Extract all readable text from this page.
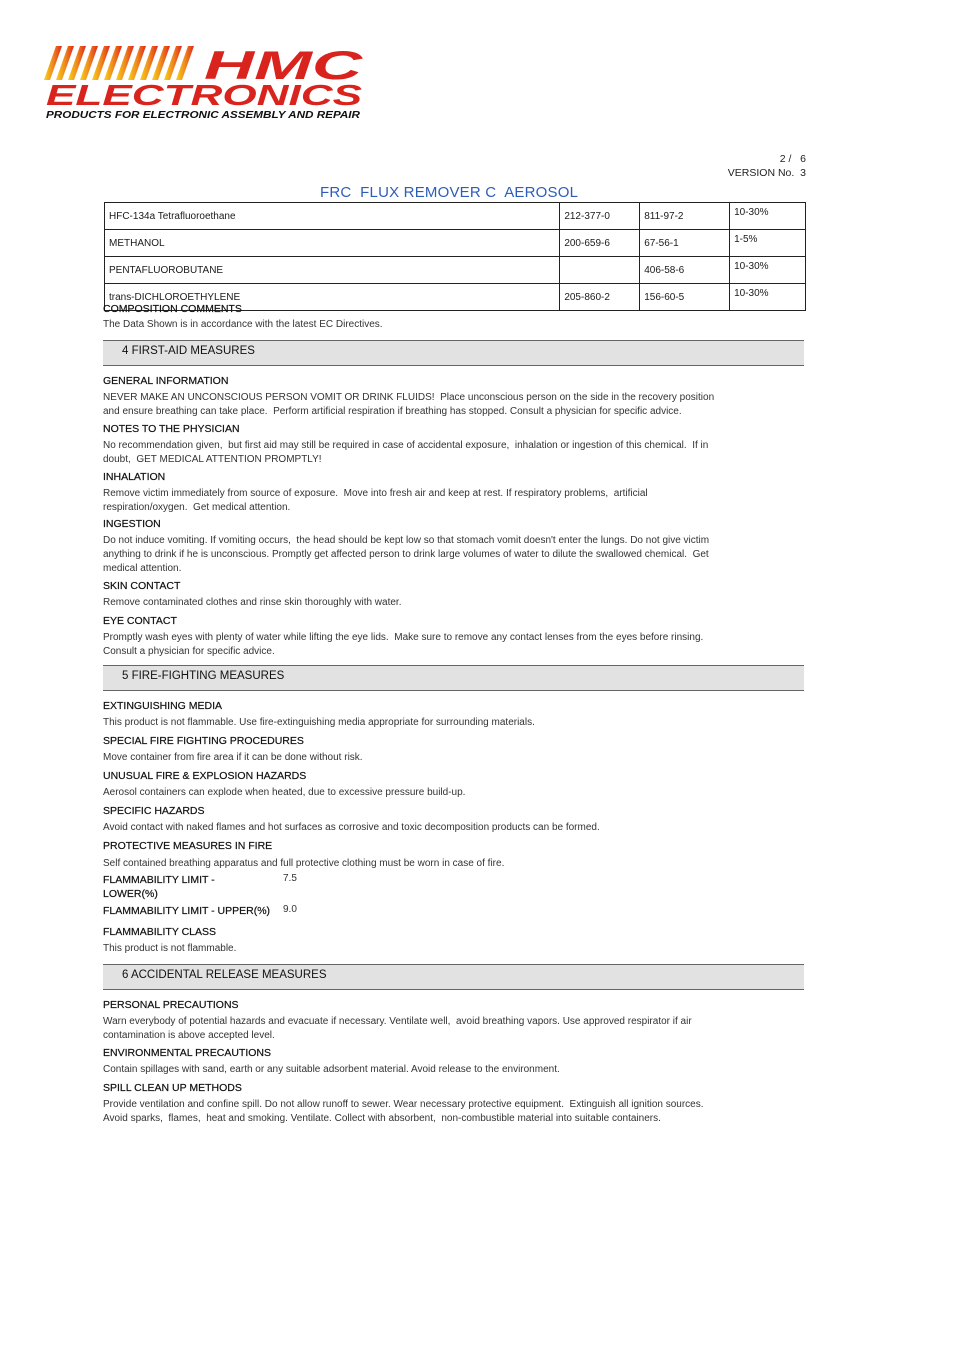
HMC
ELECTRONICS
PRODUCTS FOR ELECTRONIC ASSEMBLY AND REPAIR
2 /   6
VERSION No.  3
FRC  FLUX REMOVER C  AEROSOL
HFC-134a Tetrafluoroethane	212-377-0	811-97-2	10-30%
METHANOL	200-659-6	67-56-1	1-5%
PENTAFLUOROBUTANE		406-58-6	10-30%
trans-DICHLOROETHYLENE	205-860-2	156-60-5	10-30%
COMPOSITION COMMENTS
The Data Shown is in accordance with the latest EC Directives.
4 FIRST-AID MEASURES
GENERAL INFORMATION
NEVER MAKE AN UNCONSCIOUS PERSON VOMIT OR DRINK FLUIDS!  Place unconscious person on the side in the recovery position
and ensure breathing can take place.  Perform artificial respiration if breathing has stopped. Consult a physician for specific advice.
NOTES TO THE PHYSICIAN
No recommendation given,  but first aid may still be required in case of accidental exposure,  inhalation or ingestion of this chemical.  If in
doubt,  GET MEDICAL ATTENTION PROMPTLY!
INHALATION
Remove victim immediately from source of exposure.  Move into fresh air and keep at rest. If respiratory problems,  artificial
respiration/oxygen.  Get medical attention.
INGESTION
Do not induce vomiting. If vomiting occurs,  the head should be kept low so that stomach vomit doesn't enter the lungs. Do not give victim
anything to drink if he is unconscious. Promptly get affected person to drink large volumes of water to dilute the swallowed chemical.  Get
medical attention.
SKIN CONTACT
Remove contaminated clothes and rinse skin thoroughly with water.
EYE CONTACT
Promptly wash eyes with plenty of water while lifting the eye lids.  Make sure to remove any contact lenses from the eyes before rinsing.
Consult a physician for specific advice.
5 FIRE-FIGHTING MEASURES
EXTINGUISHING MEDIA
This product is not flammable. Use fire-extinguishing media appropriate for surrounding materials.
SPECIAL FIRE FIGHTING PROCEDURES
Move container from fire area if it can be done without risk.
UNUSUAL FIRE & EXPLOSION HAZARDS
Aerosol containers can explode when heated, due to excessive pressure build-up.
SPECIFIC HAZARDS
Avoid contact with naked flames and hot surfaces as corrosive and toxic decomposition products can be formed.
PROTECTIVE MEASURES IN FIRE
Self contained breathing apparatus and full protective clothing must be worn in case of fire.
FLAMMABILITY LIMIT -
LOWER(%)
7.5
FLAMMABILITY LIMIT - UPPER(%) 9.0
FLAMMABILITY CLASS
This product is not flammable.
6 ACCIDENTAL RELEASE MEASURES
PERSONAL PRECAUTIONS
Warn everybody of potential hazards and evacuate if necessary. Ventilate well,  avoid breathing vapors. Use approved respirator if air
contamination is above accepted level.
ENVIRONMENTAL PRECAUTIONS
Contain spillages with sand, earth or any suitable adsorbent material. Avoid release to the environment.
SPILL CLEAN UP METHODS
Provide ventilation and confine spill. Do not allow runoff to sewer. Wear necessary protective equipment.  Extinguish all ignition sources.
Avoid sparks,  flames,  heat and smoking. Ventilate. Collect with absorbent,  non-combustible material into suitable containers.
